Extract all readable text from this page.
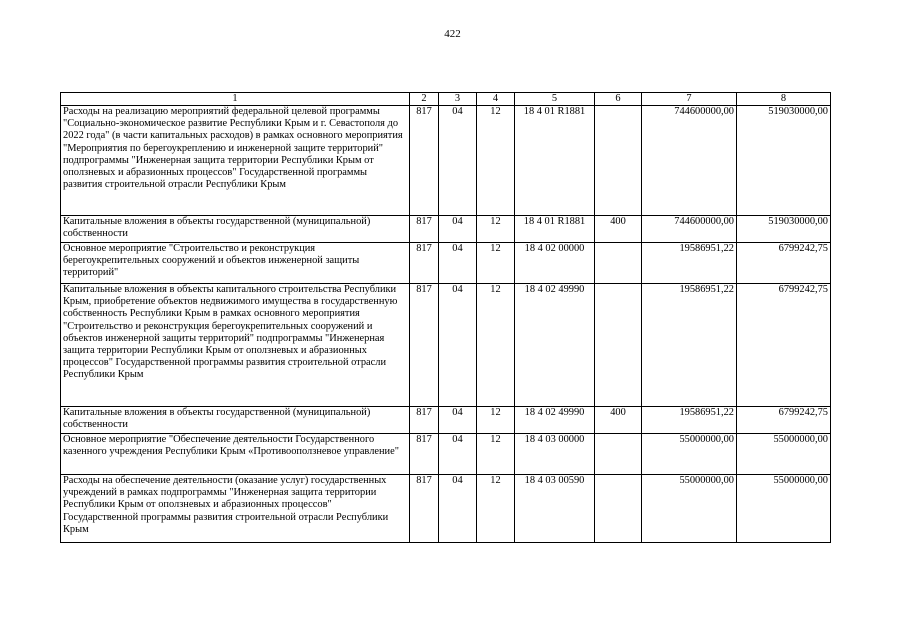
422
1	2	3	4	5	6	7	8
Расходы на реализацию мероприятий федеральной целевой программы "Социально-экономическое развитие Республики Крым и г. Севастополя до 2022 года" (в части капитальных расходов) в рамках основного мероприятия "Мероприятия по берегоукреплению и инженерной защите территорий" подпрограммы "Инженерная защита территории Республики Крым от оползневых и абразионных процессов" Государственной программы развития строительной отрасли Республики Крым	817	04	12	18 4 01 R1881		744600000,00	519030000,00
Капитальные вложения в объекты государственной (муниципальной) собственности	817	04	12	18 4 01 R1881	400	744600000,00	519030000,00
Основное мероприятие "Строительство и реконструкция берегоукрепительных сооружений и объектов инженерной защиты территорий"	817	04	12	18 4 02 00000		19586951,22	6799242,75
Капитальные вложения в объекты капитального строительства Республики Крым, приобретение объектов недвижимого имущества в государственную собственность Республики Крым в рамках основного мероприятия "Строительство и реконструкция берегоукрепительных сооружений и объектов инженерной защиты территорий" подпрограммы "Инженерная защита территории Республики Крым от оползневых и абразионных процессов" Государственной программы развития строительной отрасли Республики Крым	817	04	12	18 4 02 49990		19586951,22	6799242,75
Капитальные вложения в объекты государственной (муниципальной) собственности	817	04	12	18 4 02 49990	400	19586951,22	6799242,75
Основное мероприятие "Обеспечение деятельности Государственного казенного учреждения Республики Крым «Противооползневое управление"	817	04	12	18 4 03 00000		55000000,00	55000000,00
Расходы на обеспечение деятельности (оказание услуг) государственных учреждений в рамках подпрограммы "Инженерная защита территории Республики Крым от оползневых и абразионных процессов" Государственной программы развития строительной отрасли Республики Крым	817	04	12	18 4 03 00590		55000000,00	55000000,00
